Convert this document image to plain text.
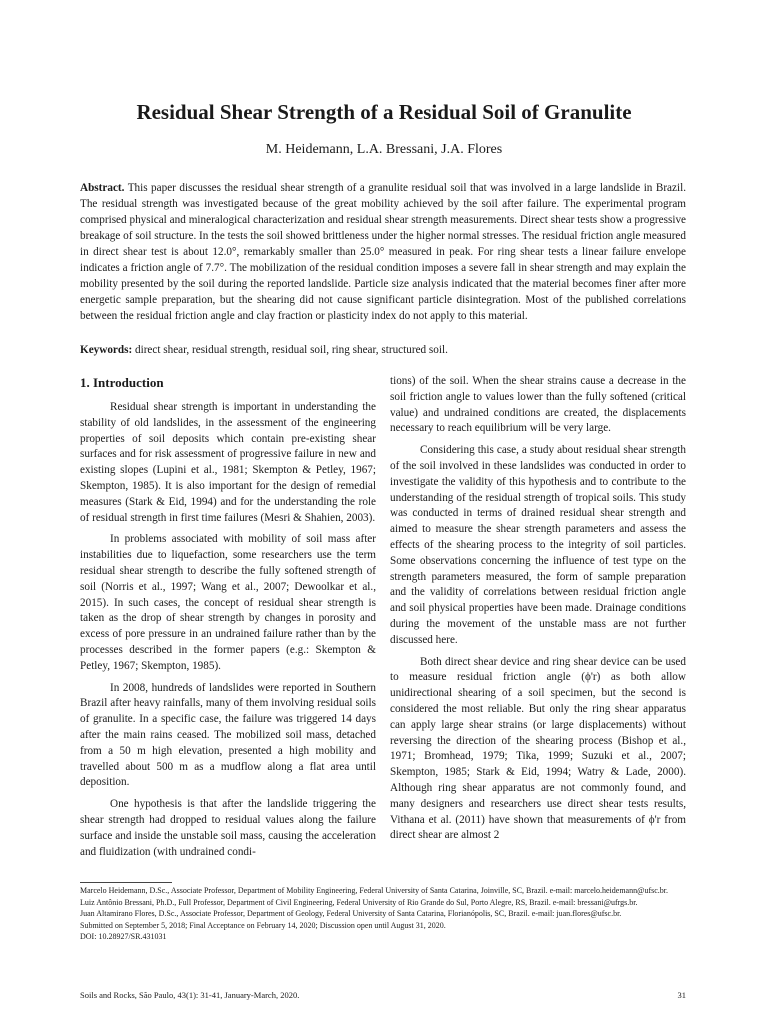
Residual Shear Strength of a Residual Soil of Granulite
M. Heidemann, L.A. Bressani, J.A. Flores

Abstract. This paper discusses the residual shear strength of a granulite residual soil that was involved in a large landslide in Brazil. The residual strength was investigated because of the great mobility achieved by the soil after failure. The experimental program comprised physical and mineralogical characterization and residual shear strength measurements. Direct shear tests show a progressive breakage of soil structure. In the tests the soil showed brittleness under the higher normal stresses. The residual friction angle measured in direct shear test is about 12.0°, remarkably smaller than 25.0° measured in peak. For ring shear tests a linear failure envelope indicates a friction angle of 7.7°. The mobilization of the residual condition imposes a severe fall in shear strength and may explain the mobility presented by the soil during the reported landslide. Particle size analysis indicated that the material becomes finer after more energetic sample preparation, but the shearing did not cause significant particle disintegration. Most of the published correlations between the residual friction angle and clay fraction or plasticity index do not apply to this material.

Keywords: direct shear, residual strength, residual soil, ring shear, structured soil.
1. Introduction

Residual shear strength is important in understanding the stability of old landslides, in the assessment of the engineering properties of soil deposits which contain pre-existing shear surfaces and for risk assessment of progressive failure in new and existing slopes (Lupini et al., 1981; Skempton & Petley, 1967; Skempton, 1985). It is also important for the design of remedial measures (Stark & Eid, 1994) and for the understanding the role of residual strength in first time failures (Mesri & Shahien, 2003).

In problems associated with mobility of soil mass after instabilities due to liquefaction, some researchers use the term residual shear strength to describe the fully softened strength of soil (Norris et al., 1997; Wang et al., 2007; Dewoolkar et al., 2015). In such cases, the concept of residual shear strength is taken as the drop of shear strength by changes in porosity and excess of pore pressure in an undrained failure rather than by the processes described in the former papers (e.g.: Skempton & Petley, 1967; Skempton, 1985).

In 2008, hundreds of landslides were reported in Southern Brazil after heavy rainfalls, many of them involving residual soils of granulite. In a specific case, the failure was triggered 14 days after the main rains ceased. The mobilized soil mass, detached from a 50 m high elevation, presented a high mobility and travelled about 500 m as a mudflow along a flat area until deposition.

One hypothesis is that after the landslide triggering the shear strength had dropped to residual values along the failure surface and inside the unstable soil mass, causing the acceleration and fluidization (with undrained condi-

tions) of the soil. When the shear strains cause a decrease in the soil friction angle to values lower than the fully softened (critical value) and undrained conditions are created, the displacements necessary to reach equilibrium will be very large.

Considering this case, a study about residual shear strength of the soil involved in these landslides was conducted in order to investigate the validity of this hypothesis and to contribute to the understanding of the residual strength of tropical soils. This study was conducted in terms of drained residual shear strength and aimed to measure the shear strength parameters and assess the effects of the shearing process to the integrity of soil particles. Some observations concerning the influence of test type on the strength parameters measured, the form of sample preparation and the validity of correlations between residual friction angle and soil physical properties have been made. Drainage conditions during the movement of the unstable mass are not further discussed here.

Both direct shear device and ring shear device can be used to measure residual friction angle (ϕ'r) as both allow unidirectional shearing of a soil specimen, but the second is considered the most reliable. But only the ring shear apparatus can apply large shear strains (or large displacements) without reversing the direction of the shearing process (Bishop et al., 1971; Bromhead, 1979; Tika, 1999; Suzuki et al., 2007; Skempton, 1985; Stark & Eid, 1994; Watry & Lade, 2000). Although ring shear apparatus are not commonly found, and many designers and researchers use direct shear tests results, Vithana et al. (2011) have shown that measurements of ϕ'r from direct shear are almost 2

Marcelo Heidemann, D.Sc., Associate Professor, Department of Mobility Engineering, Federal University of Santa Catarina, Joinville, SC, Brazil. e-mail: marcelo.heidemann@ufsc.br.
Luiz Antônio Bressani, Ph.D., Full Professor, Department of Civil Engineering, Federal University of Rio Grande do Sul, Porto Alegre, RS, Brazil. e-mail: bressani@ufrgs.br.
Juan Altamirano Flores, D.Sc., Associate Professor, Department of Geology, Federal University of Santa Catarina, Florianópolis, SC, Brazil. e-mail: juan.flores@ufsc.br.
Submitted on September 5, 2018; Final Acceptance on February 14, 2020; Discussion open until August 31, 2020.
DOI: 10.28927/SR.431031
Soils and Rocks, São Paulo, 43(1): 31-41, January-March, 2020.	31
